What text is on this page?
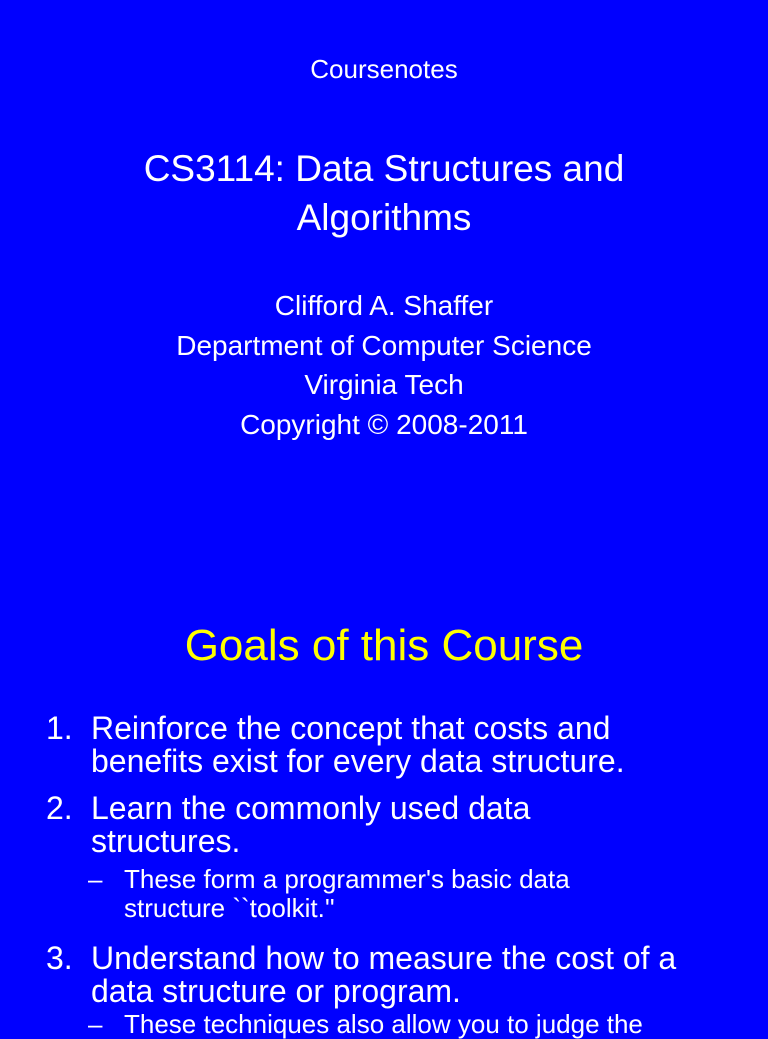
Coursenotes
CS3114: Data Structures and
Algorithms
Clifford A. Shaffer
Department of Computer Science
Virginia Tech
Copyright © 2008-2011
Goals of this Course
1. Reinforce the concept that costs and
benefits exist for every data structure.
2. Learn the commonly used data
structures.
– These form a programmer's basic data
structure ``toolkit.''
3. Understand how to measure the cost of a
data structure or program.
– These techniques also allow you to judge the
